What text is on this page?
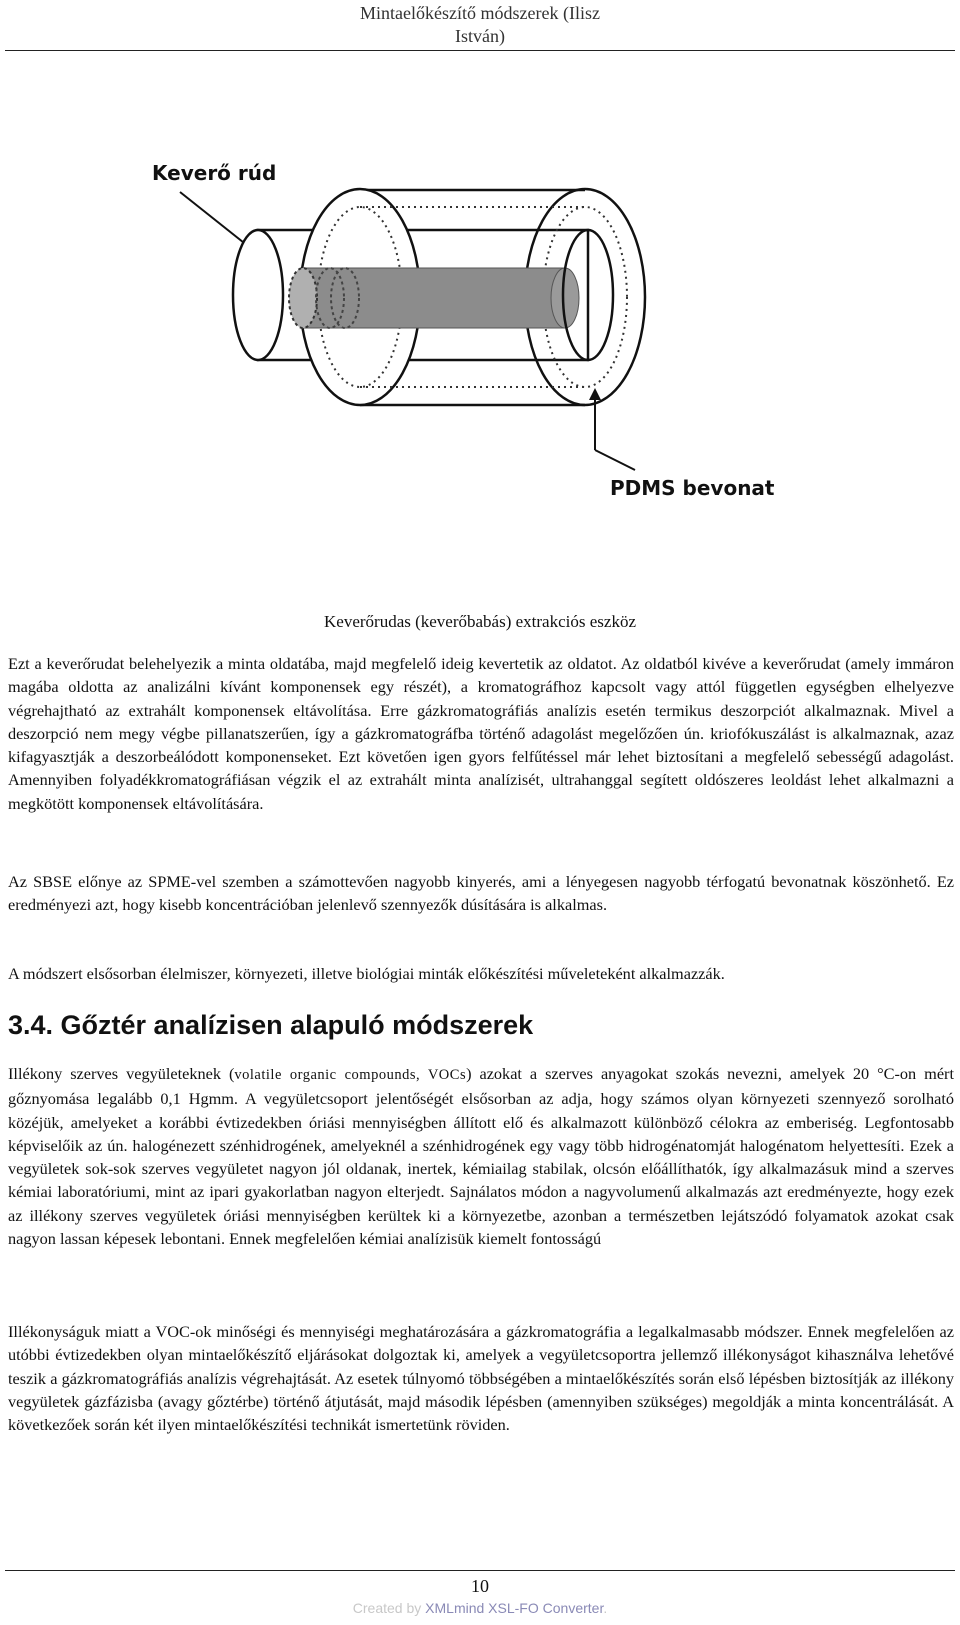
Mintaelőkészítő módszerek (Ilisz
István)
Keverő rúd
PDMS bevonat
Keverőrudas (keverőbabás) extrakciós eszköz

Ezt a keverőrudat belehelyezik a minta oldatába, majd megfelelő ideig kevertetik az oldatot. Az oldatból kivéve a keverőrudat (amely immáron magába oldotta az analizálni kívánt komponensek egy részét), a kromatográfhoz kapcsolt vagy attól független egységben elhelyezve végrehajtható az extrahált komponensek eltávolítása. Erre gázkromatográfiás analízis esetén termikus deszorpciót alkalmaznak. Mivel a deszorpció nem megy végbe pillanatszerűen, így a gázkromatográfba történő adagolást megelőzően ún. kriofókuszálást is alkalmaznak, azaz kifagyasztják a deszorbeálódott komponenseket. Ezt követően igen gyors felfűtéssel már lehet biztosítani a megfelelő sebességű adagolást. Amennyiben folyadékkromatográfiásan végzik el az extrahált minta analízisét, ultrahanggal segített oldószeres leoldást lehet alkalmazni a megkötött komponensek eltávolítására.

Az SBSE előnye az SPME-vel szemben a számottevően nagyobb kinyerés, ami a lényegesen nagyobb térfogatú bevonatnak köszönhető. Ez eredményezi azt, hogy kisebb koncentrációban jelenlevő szennyezők dúsítására is alkalmas.

A módszert elsősorban élelmiszer, környezeti, illetve biológiai minták előkészítési műveleteként alkalmazzák.

3.4. Gőztér analízisen alapuló módszerek

Illékony szerves vegyületeknek (volatile organic compounds, VOCs) azokat a szerves anyagokat szokás nevezni, amelyek 20 °C-on mért gőznyomása legalább 0,1 Hgmm. A vegyületcsoport jelentőségét elsősorban az adja, hogy számos olyan környezeti szennyező sorolható közéjük, amelyeket a korábbi évtizedekben óriási mennyiségben állított elő és alkalmazott különböző célokra az emberiség. Legfontosabb képviselőik az ún. halogénezett szénhidrogének, amelyeknél a szénhidrogének egy vagy több hidrogénatomját halogénatom helyettesíti. Ezek a vegyületek sok-sok szerves vegyületet nagyon jól oldanak, inertek, kémiailag stabilak, olcsón előállíthatók, így alkalmazásuk mind a szerves kémiai laboratóriumi, mint az ipari gyakorlatban nagyon elterjedt. Sajnálatos módon a nagyvolumenű alkalmazás azt eredményezte, hogy ezek az illékony szerves vegyületek óriási mennyiségben kerültek ki a környezetbe, azonban a természetben lejátszódó folyamatok azokat csak nagyon lassan képesek lebontani. Ennek megfelelően kémiai analízisük kiemelt fontosságú

Illékonyságuk miatt a VOC-ok minőségi és mennyiségi meghatározására a gázkromatográfia a legalkalmasabb módszer. Ennek megfelelően az utóbbi évtizedekben olyan mintaelőkészítő eljárásokat dolgoztak ki, amelyek a vegyületcsoportra jellemző illékonyságot kihasználva lehetővé teszik a gázkromatográfiás analízis végrehajtását. Az esetek túlnyomó többségében a mintaelőkészítés során első lépésben biztosítják az illékony vegyületek gázfázisba (avagy gőztérbe) történő átjutását, majd második lépésben (amennyiben szükséges) megoldják a minta koncentrálását. A következőek során két ilyen mintaelőkészítési technikát ismertetünk röviden.

10
Created by XMLmind XSL-FO Converter.
